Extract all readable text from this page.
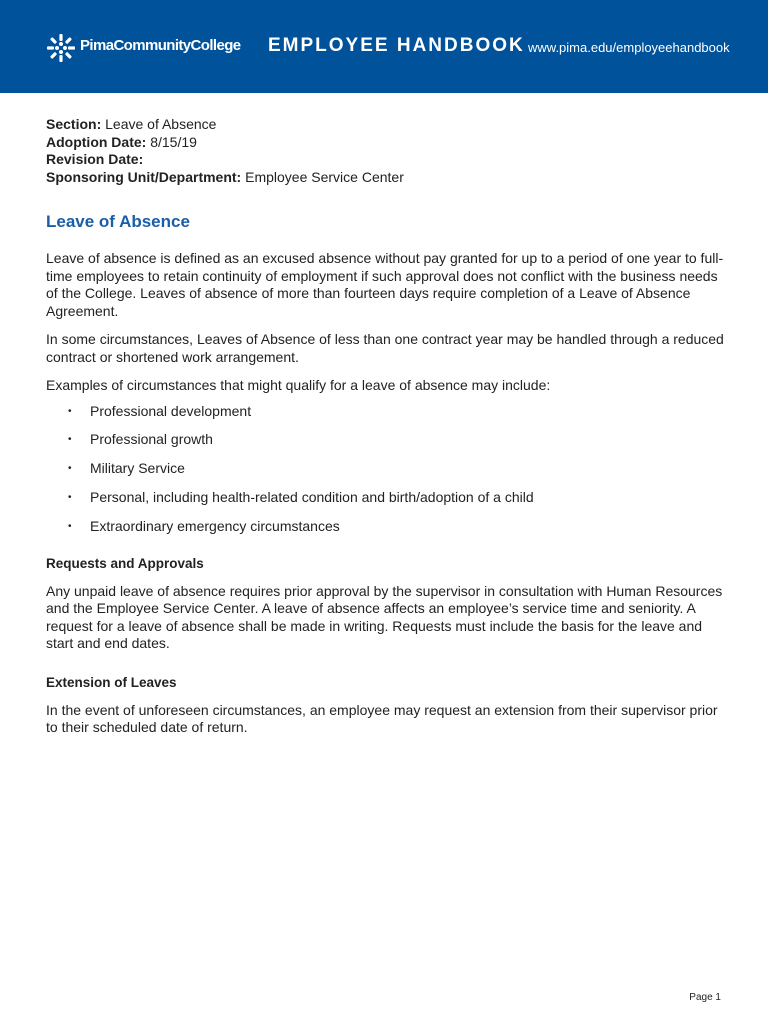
PimaCommunityCollege EMPLOYEE HANDBOOK www.pima.edu/employeehandbook

Section: Leave of Absence

Adoption Date: 8/15/19

Revision Date:

Sponsoring Unit/Department: Employee Service Center

Leave of Absence

Leave of absence is defined as an excused absence without pay granted for up to a period of one year to full-time employees to retain continuity of employment if such approval does not conflict with the business needs of the College. Leaves of absence of more than fourteen days require completion of a Leave of Absence Agreement.

In some circumstances, Leaves of Absence of less than one contract year may be handled through a reduced contract or shortened work arrangement.

Examples of circumstances that might qualify for a leave of absence may include:

• Professional development
• Professional growth
• Military Service
• Personal, including health-related condition and birth/adoption of a child
• Extraordinary emergency circumstances
Requests and Approvals

Any unpaid leave of absence requires prior approval by the supervisor in consultation with Human Resources and the Employee Service Center. A leave of absence affects an employee’s service time and seniority. A request for a leave of absence shall be made in writing. Requests must include the basis for the leave and start and end dates.

Extension of Leaves

In the event of unforeseen circumstances, an employee may request an extension from their supervisor prior to their scheduled date of return.

Page 1
